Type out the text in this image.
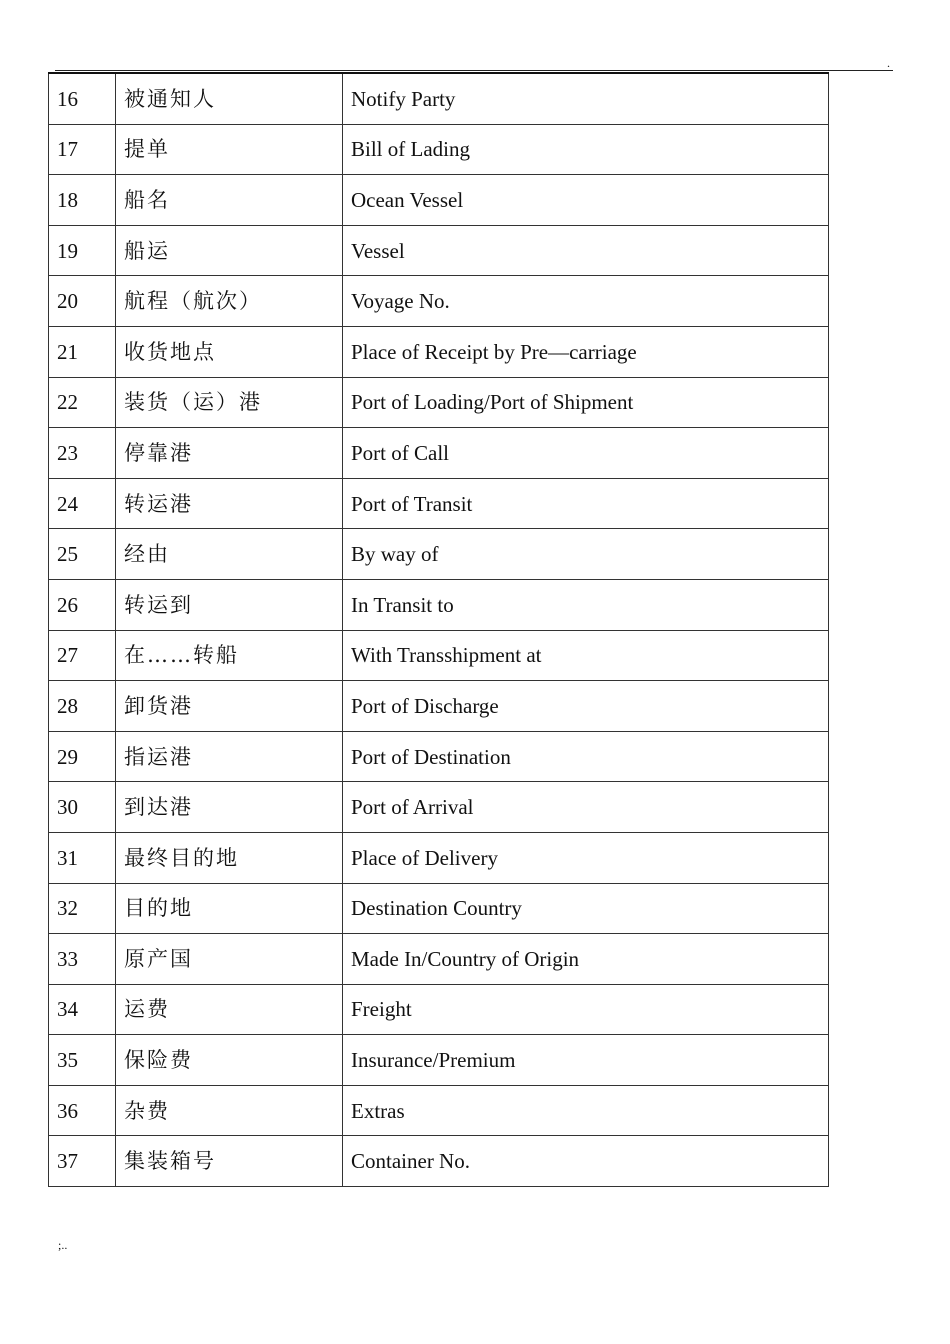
.
16	被通知人	Notify Party
17	提单	Bill of Lading
18	船名	Ocean Vessel
19	船运	Vessel
20	航程（航次）	Voyage No.
21	收货地点	Place of Receipt by Pre—carriage
22	装货（运）港	Port of Loading/Port of Shipment
23	停靠港	Port of Call
24	转运港	Port of Transit
25	经由	By way of
26	转运到	In Transit to
27	在……转船	With Transshipment at
28	卸货港	Port of Discharge
29	指运港	Port of Destination
30	到达港	Port of Arrival
31	最终目的地	Place of Delivery
32	目的地	Destination Country
33	原产国	Made In/Country of Origin
34	运费	Freight
35	保险费	Insurance/Premium
36	杂费	Extras
37	集装箱号	Container No.
;..
